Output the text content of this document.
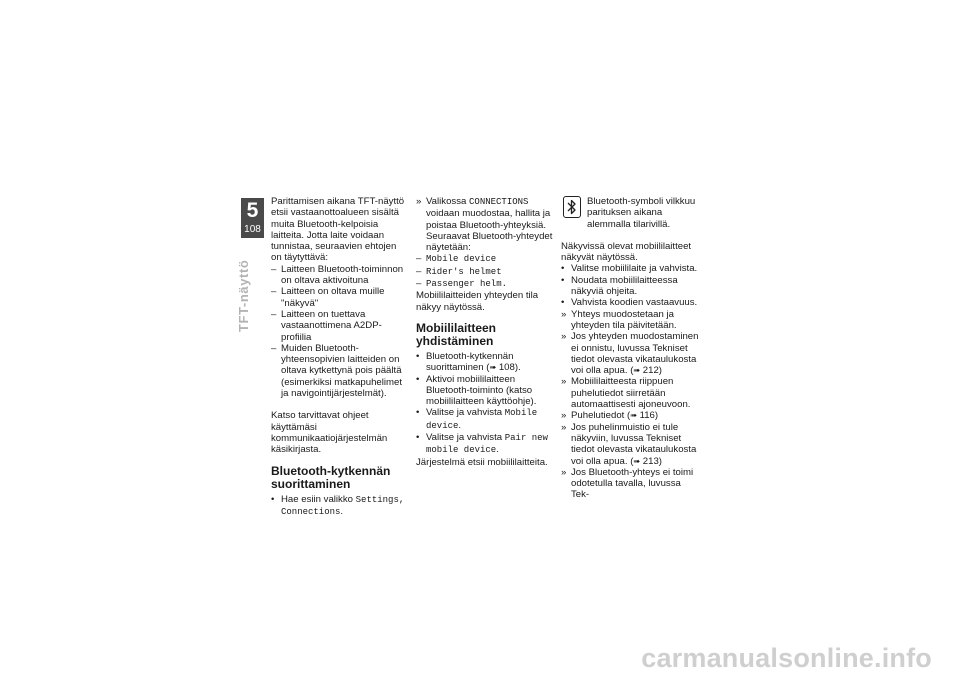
5
108
TFT-näyttö

Parittamisen aikana TFT-näyttö etsii vastaanottoalueen sisältä muita Bluetooth-kelpoisia laitteita. Jotta laite voidaan tunnistaa, seuraavien ehtojen on täytyttävä:

– Laitteen Bluetooth-toiminnon on oltava aktivoituna
– Laitteen on oltava muille "näkyvä"
– Laitteen on tuettava vastaanottimena A2DP-profiilia
– Muiden Bluetooth-yhteensopivien laitteiden on oltava kytkettynä pois päältä (esimerkiksi matkapuhelimet ja navigointijärjestelmät).

Katso tarvittavat ohjeet käyttämäsi kommunikaatiojärjestelmän käsikirjasta.

Bluetooth-kytkennän suorittaminen
• Hae esiin valikko Settings, Connections.
» Valikossa CONNECTIONS voidaan muodostaa, hallita ja poistaa Bluetooth-yhteyksiä. Seuraavat Bluetooth-yhteydet näytetään:
– Mobile device
– Rider's helmet
– Passenger helm.

Mobiililaitteiden yhteyden tila näkyy näytössä.

Mobiililaitteen yhdistäminen
• Bluetooth-kytkennän suorittaminen (➠ 108).
• Aktivoi mobiililaitteen Bluetooth-toiminto (katso mobiililaitteen käyttöohje).
• Valitse ja vahvista Mobile device.
• Valitse ja vahvista Pair new mobile device.

Järjestelmä etsii mobiililaitteita.

Bluetooth-symboli vilkkuu parituksen aikana alemmalla tilarivillä.

Näkyvissä olevat mobiililaitteet näkyvät näytössä.

• Valitse mobiililaite ja vahvista.
• Noudata mobiililaitteessa näkyviä ohjeita.
• Vahvista koodien vastaavuus.
» Yhteys muodostetaan ja yhteyden tila päivitetään.
» Jos yhteyden muodostaminen ei onnistu, luvussa Tekniset tiedot olevasta vikataulukosta voi olla apua. (➠ 212)
» Mobiililaitteesta riippuen puhelutiedot siirretään automaattisesti ajoneuvoon.
» Puhelutiedot (➠ 116)
» Jos puhelinmuistio ei tule näkyviin, luvussa Tekniset tiedot olevasta vikataulukosta voi olla apua. (➠ 213)
» Jos Bluetooth-yhteys ei toimi odotetulla tavalla, luvussa Tek-
carmanualsonline.info
